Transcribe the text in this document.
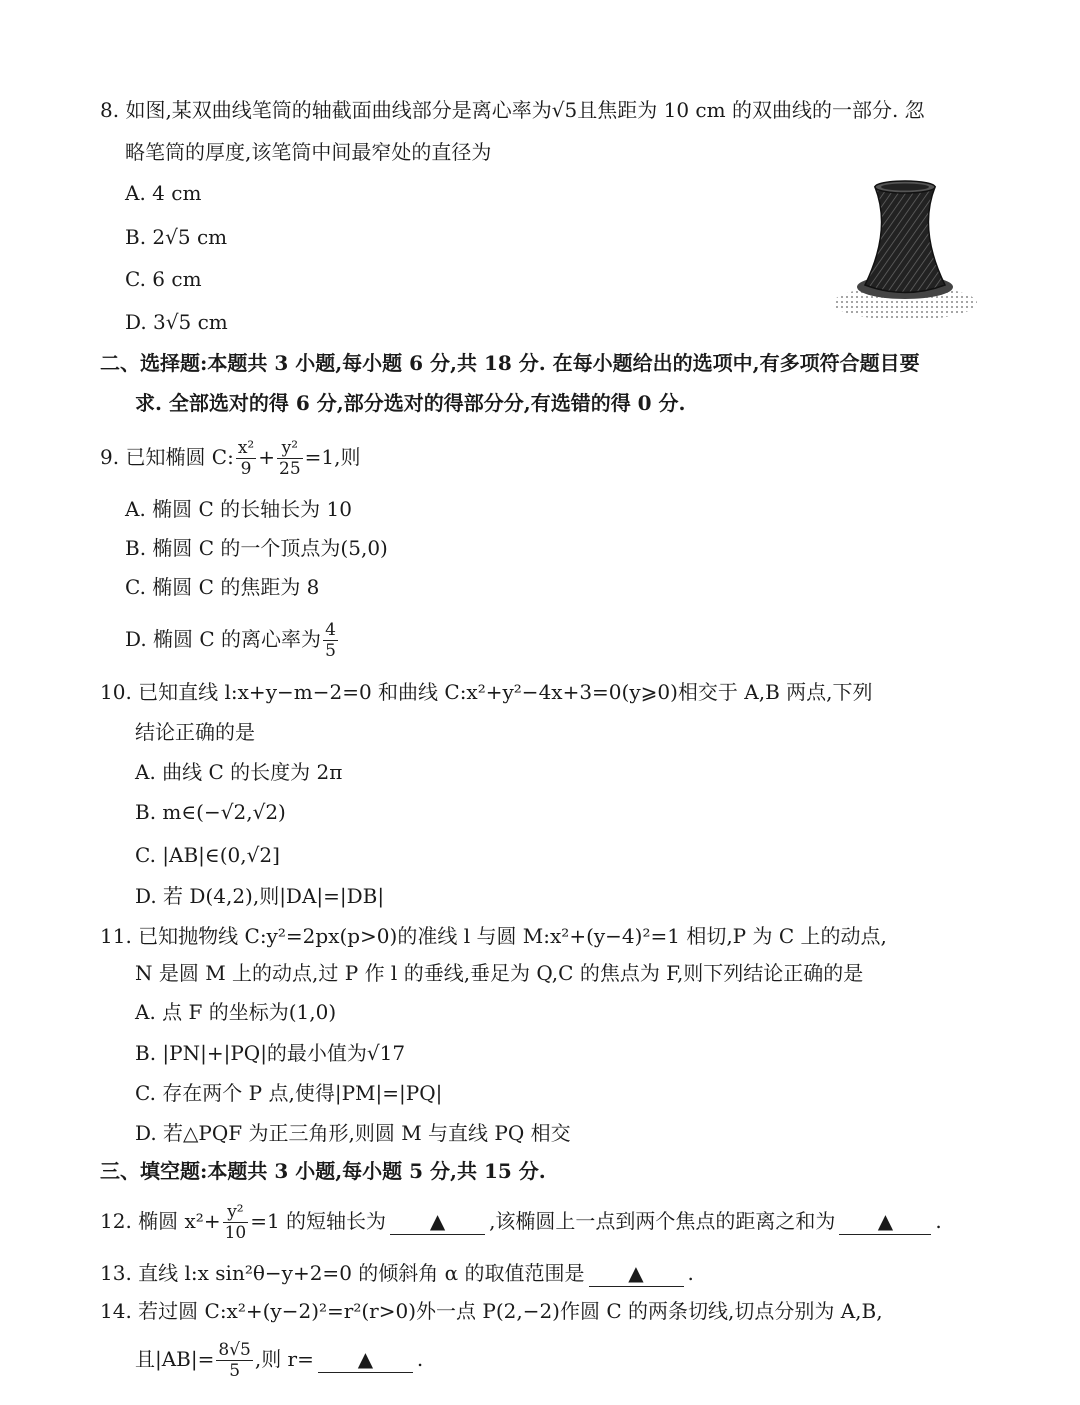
8. 如图,某双曲线笔筒的轴截面曲线部分是离心率为√5且焦距为 10 cm 的双曲线的一部分. 忽
略笔筒的厚度,该笔筒中间最窄处的直径为
A. 4 cm
B. 2√5 cm
C. 6 cm
D. 3√5 cm
二、选择题:本题共 3 小题,每小题 6 分,共 18 分. 在每小题给出的选项中,有多项符合题目要
求. 全部选对的得 6 分,部分选对的得部分分,有选错的得 0 分.
9. 已知椭圆 C: $\frac{\text{x²}}{9} + \frac{\text{y²}}{25} =1$,则
A. 椭圆 C 的长轴长为 10
B. 椭圆 C 的一个顶点为(5,0)
C. 椭圆 C 的焦距为 8
D. 椭圆 C 的离心率为 $\frac{4}{5}$
10. 已知直线 l:x+y−m−2=0 和曲线 C:x²+y²−4x+3=0(y⩾0)相交于 A,B 两点,下列
结论正确的是
A. 曲线 C 的长度为 2π
B. m∈(−√2,√2)
C. |AB|∈(0,√2]
D. 若 D(4,2),则|DA|=|DB|
11. 已知抛物线 C:y²=2px(p>0)的准线 l 与圆 M:x²+(y−4)²=1 相切,P 为 C 上的动点,
N 是圆 M 上的动点,过 P 作 l 的垂线,垂足为 Q,C 的焦点为 F,则下列结论正确的是
A. 点 F 的坐标为(1,0)
B. |PN|+|PQ|的最小值为√17
C. 存在两个 P 点,使得|PM|=|PQ|
D. 若△PQF 为正三角形,则圆 M 与直线 PQ 相交
三、填空题:本题共 3 小题,每小题 5 分,共 15 分.
12. 椭圆 $x^2+ \frac{\text{y²}}{10} =1$ 的短轴长为 ▲ ,该椭圆上一点到两个焦点的距离之和为 ▲ .
13. 直线 l:x sin²θ−y+2=0 的倾斜角 α 的取值范围是 ▲ .
14. 若过圆 C:x²+(y−2)²=r²(r>0)外一点 P(2,−2)作圆 C 的两条切线,切点分别为 A,B,
且$|AB|= \frac{8√5}{5}$ ,则 r= ▲ .
